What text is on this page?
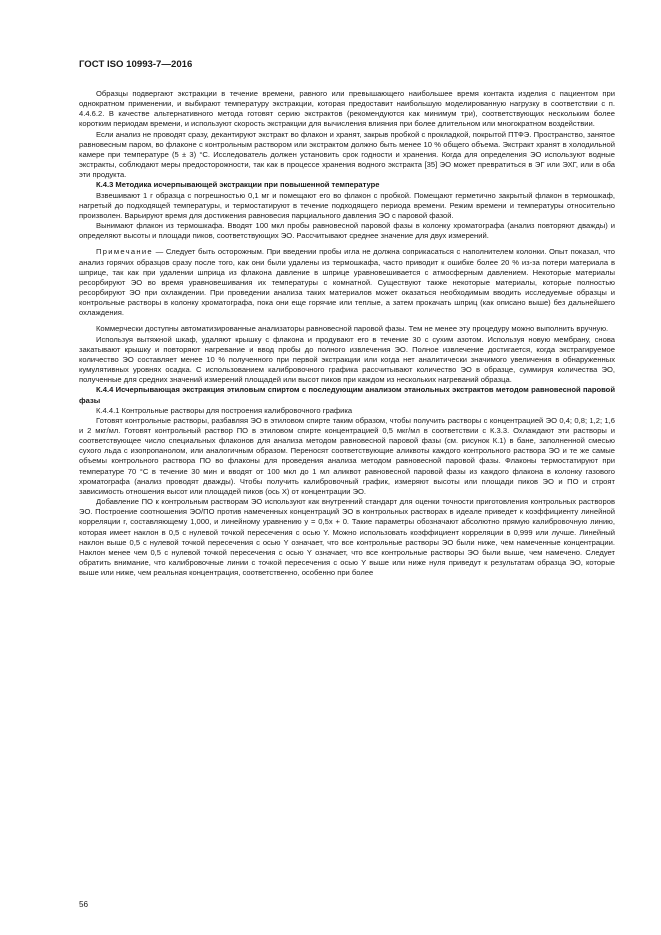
ГОСТ ISO 10993-7—2016

Образцы подвергают экстракции в течение времени, равного или превышающего наибольшее время контакта изделия с пациентом при однократном применении, и выбирают температуру экстракции, которая предоставит наибольшую моделированную нагрузку в соответствии с п. 4.4.6.2. В качестве альтернативного метода готовят серию экстрактов (рекомендуются как минимум три), соответствующих нескольким более коротким периодам времени, и используют скорость экстракции для вычисления влияния при более длительном или многократном воздействии.

Если анализ не проводят сразу, декантируют экстракт во флакон и хранят, закрыв пробкой с прокладкой, покрытой ПТФЭ. Пространство, занятое равновесным паром, во флаконе с контрольным раствором или экстрактом должно быть менее 10 % общего объема. Экстракт хранят в холодильной камере при температуре (5 ± 3) °С. Исследователь должен установить срок годности и хранения. Когда для определения ЭО используют водные экстракты, соблюдают меры предосторожности, так как в процессе хранения водного экстракта [35] ЭО может превратиться в ЭГ или ЭХГ, или в оба эти продукта.

К.4.3 Методика исчерпывающей экстракции при повышенной температуре

Взвешивают 1 г образца с погрешностью 0,1 мг и помещают его во флакон с пробкой. Помещают герметично закрытый флакон в термошкаф, нагретый до подходящей температуры, и термостатируют в течение подходящего периода времени. Режим времени и температуры относительно произволен. Варьируют время для достижения равновесия парциального давления ЭО с паровой фазой.

Вынимают флакон из термошкафа. Вводят 100 мкл пробы равновесной паровой фазы в колонку хроматографа (анализ повторяют дважды) и определяют высоты и площади пиков, соответствующих ЭО. Рассчитывают среднее значение для двух измерений.

Примечание — Следует быть осторожным. При введении пробы игла не должна соприкасаться с наполнителем колонки. Опыт показал, что анализ горячих образцов сразу после того, как они были удалены из термошкафа, часто приводит к ошибке более 20 % из-за потери материала в шприце, так как при удалении шприца из флакона давление в шприце уравновешивается с атмосферным давлением. Некоторые материалы ресорбируют ЭО во время уравновешивания их температуры с комнатной. Существуют также некоторые материалы, которые полностью ресорбируют ЭО при охлаждении. При проведении анализа таких материалов может оказаться необходимым вводить исследуемые образцы и контрольные растворы в колонку хроматографа, пока они еще горячие или теплые, а затем прокачать шприц (как описано выше) без дальнейшего охлаждения.

Коммерчески доступны автоматизированные анализаторы равновесной паровой фазы. Тем не менее эту процедуру можно выполнить вручную.

Используя вытяжной шкаф, удаляют крышку с флакона и продувают его в течение 30 с сухим азотом. Используя новую мембрану, снова закатывают крышку и повторяют нагревание и ввод пробы до полного извлечения ЭО. Полное извлечение достигается, когда экстрагируемое количество ЭО составляет менее 10 % полученного при первой экстракции или когда нет аналитически значимого увеличения в обнаруженных кумулятивных уровнях осадка. С использованием калибровочного графика рассчитывают количество ЭО в образце, суммируя количества ЭО, полученные для средних значений измерений площадей или высот пиков при каждом из нескольких нагреваний образца.

К.4.4 Исчерпывающая экстракция этиловым спиртом с последующим анализом этанольных экстрактов методом равновесной паровой фазы

К.4.4.1 Контрольные растворы для построения калибровочного графика

Готовят контрольные растворы, разбавляя ЭО в этиловом спирте таким образом, чтобы получить растворы с концентрацией ЭО 0,4; 0,8; 1,2; 1,6 и 2 мкг/мл. Готовят контрольный раствор ПО в этиловом спирте концентрацией 0,5 мкг/мл в соответствии с К.3.3. Охлаждают эти растворы и соответствующее число специальных флаконов для анализа методом равновесной паровой фазы (см. рисунок К.1) в бане, заполненной смесью сухого льда с изопропанолом, или аналогичным образом. Переносят соответствующие аликвоты каждого контрольного раствора ЭО и те же самые объемы контрольного раствора ПО во флаконы для проведения анализа методом равновесной паровой фазы. Флаконы термостатируют при температуре 70 °С в течение 30 мин и вводят от 100 мкл до 1 мл аликвот равновесной паровой фазы из каждого флакона в колонку газового хроматографа (анализ проводят дважды). Чтобы получить калибровочный график, измеряют высоты или площади пиков ЭО и ПО и строят зависимость отношения высот или площадей пиков (ось X) от концентрации ЭО.

Добавление ПО к контрольным растворам ЭО используют как внутренний стандарт для оценки точности приготовления контрольных растворов ЭО. Построение соотношения ЭО/ПО против намеченных концентраций ЭО в контрольных растворах в идеале приведет к коэффициенту линейной корреляции r, составляющему 1,000, и линейному уравнению y = 0,5x + 0. Такие параметры обозначают абсолютно прямую калибровочную линию, которая имеет наклон в 0,5 с нулевой точкой пересечения с осью Y. Можно использовать коэффициент корреляции в 0,999 или лучше. Линейный наклон выше 0,5 с нулевой точкой пересечения с осью Y означает, что все контрольные растворы ЭО были ниже, чем намеченные концентрации. Наклон менее чем 0,5 с нулевой точкой пересечения с осью Y означает, что все контрольные растворы ЭО были выше, чем намечено. Следует обратить внимание, что калибровочные линии с точкой пересечения с осью Y выше или ниже нуля приведут к результатам образца ЭО, которые выше или ниже, чем реальная концентрация, соответственно, особенно при более

56
